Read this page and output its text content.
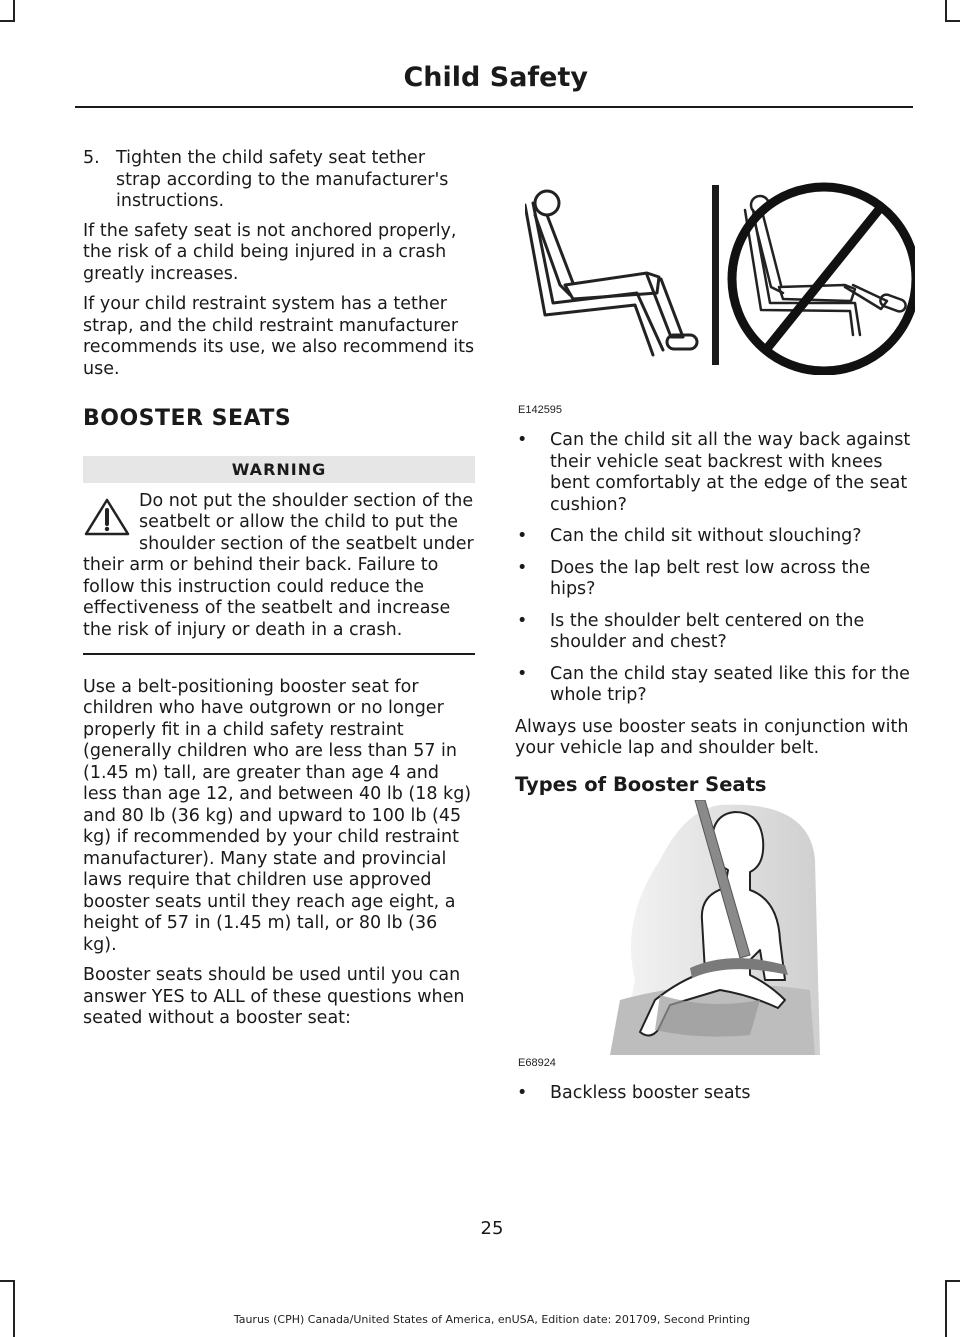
Child Safety
5. Tighten the child safety seat tether strap according to the manufacturer's instructions.

If the safety seat is not anchored properly, the risk of a child being injured in a crash greatly increases.

If your child restraint system has a tether strap, and the child restraint manufacturer recommends its use, we also recommend its use.

BOOSTER SEATS
WARNING
Do not put the shoulder section of the seatbelt or allow the child to put the shoulder section of the seatbelt under their arm or behind their back. Failure to follow this instruction could reduce the effectiveness of the seatbelt and increase the risk of injury or death in a crash.

Use a belt-positioning booster seat for children who have outgrown or no longer properly fit in a child safety restraint (generally children who are less than 57 in (1.45 m) tall, are greater than age 4 and less than age 12, and between 40 lb (18 kg) and 80 lb (36 kg) and upward to 100 lb (45 kg) if recommended by your child restraint manufacturer). Many state and provincial laws require that children use approved booster seats until they reach age eight, a height of 57 in (1.45 m) tall, or 80 lb (36 kg).

Booster seats should be used until you can answer YES to ALL of these questions when seated without a booster seat:

E142595
•	Can the child sit all the way back against their vehicle seat backrest with knees bent comfortably at the edge of the seat cushion?
•	Can the child sit without slouching?
•	Does the lap belt rest low across the hips?
•	Is the shoulder belt centered on the shoulder and chest?
•	Can the child stay seated like this for the whole trip?

Always use booster seats in conjunction with your vehicle lap and shoulder belt.

Types of Booster Seats
E68924
•	Backless booster seats
25
Taurus (CPH) Canada/United States of America, enUSA, Edition date: 201709, Second Printing
